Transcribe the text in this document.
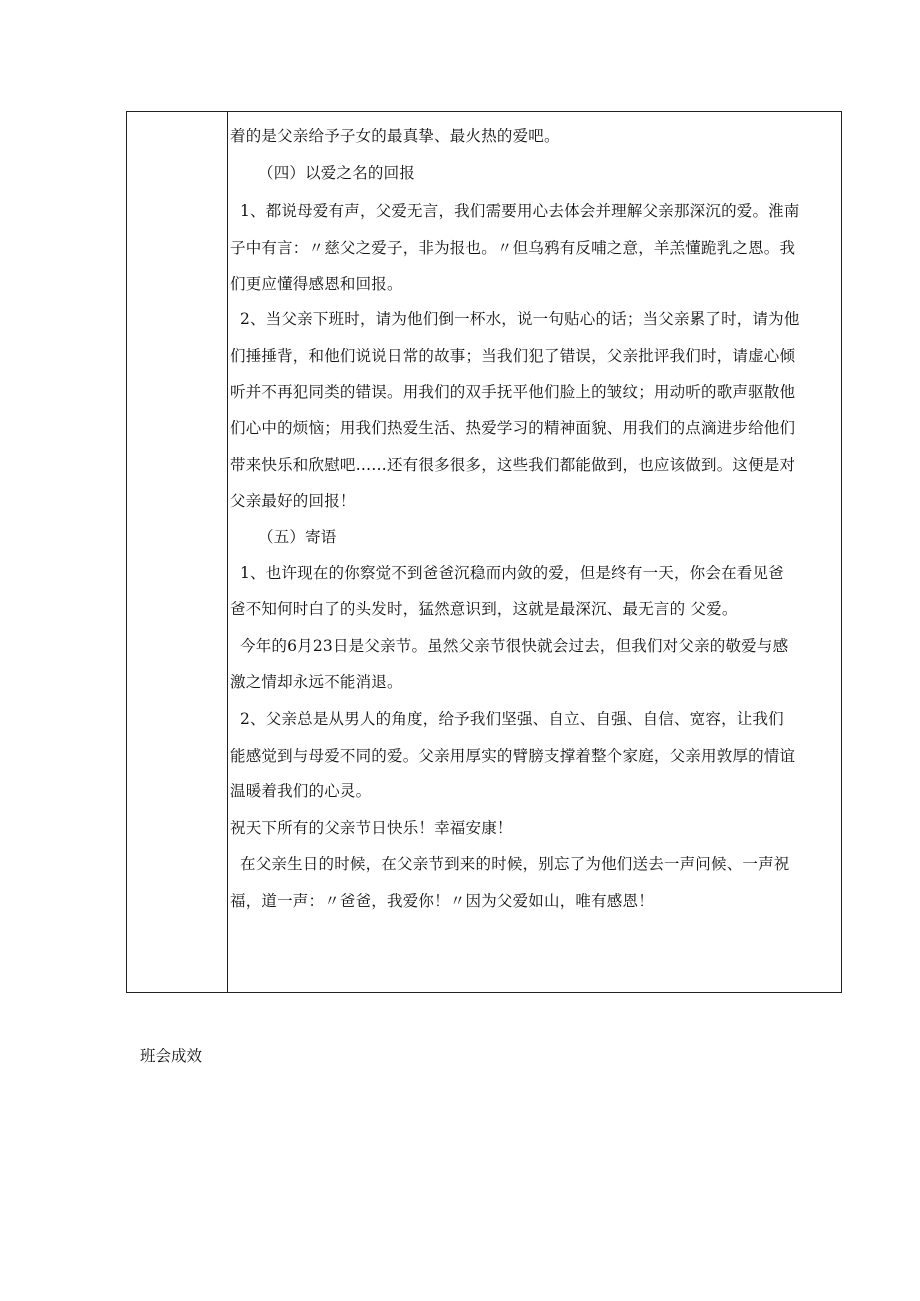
着的是父亲给予子女的最真挚、最火热的爱吧。
（四）以爱之名的回报
1、都说母爱有声，父爱无言，我们需要用心去体会并理解父亲那深沉的爱。淮南
子中有言：〃慈父之爱子，非为报也。〃但乌鸦有反哺之意，羊羔懂跪乳之恩。我
们更应懂得感恩和回报。
2、当父亲下班时，请为他们倒一杯水，说一句贴心的话；当父亲累了时，请为他
们捶捶背，和他们说说日常的故事；当我们犯了错误，父亲批评我们时，请虚心倾
听并不再犯同类的错误。用我们的双手抚平他们脸上的皱纹；用动听的歌声驱散他
们心中的烦恼；用我们热爱生活、热爱学习的精神面貌、用我们的点滴进步给他们
带来快乐和欣慰吧……还有很多很多，这些我们都能做到，也应该做到。这便是对
父亲最好的回报！
（五）寄语
1、也许现在的你察觉不到爸爸沉稳而内敛的爱，但是终有一天，你会在看见爸
爸不知何时白了的头发时，猛然意识到，这就是最深沉、最无言的 父爱。
今年的6月23日是父亲节。虽然父亲节很快就会过去，但我们对父亲的敬爱与感
激之情却永远不能消退。
2、父亲总是从男人的角度，给予我们坚强、自立、自强、自信、宽容，让我们
能感觉到与母爱不同的爱。父亲用厚实的臂膀支撑着整个家庭，父亲用敦厚的情谊
温暖着我们的心灵。
祝天下所有的父亲节日快乐！幸福安康！
在父亲生日的时候，在父亲节到来的时候，别忘了为他们送去一声问候、一声祝
福，道一声：〃爸爸，我爱你！〃因为父爱如山，唯有感恩！
班会成效
